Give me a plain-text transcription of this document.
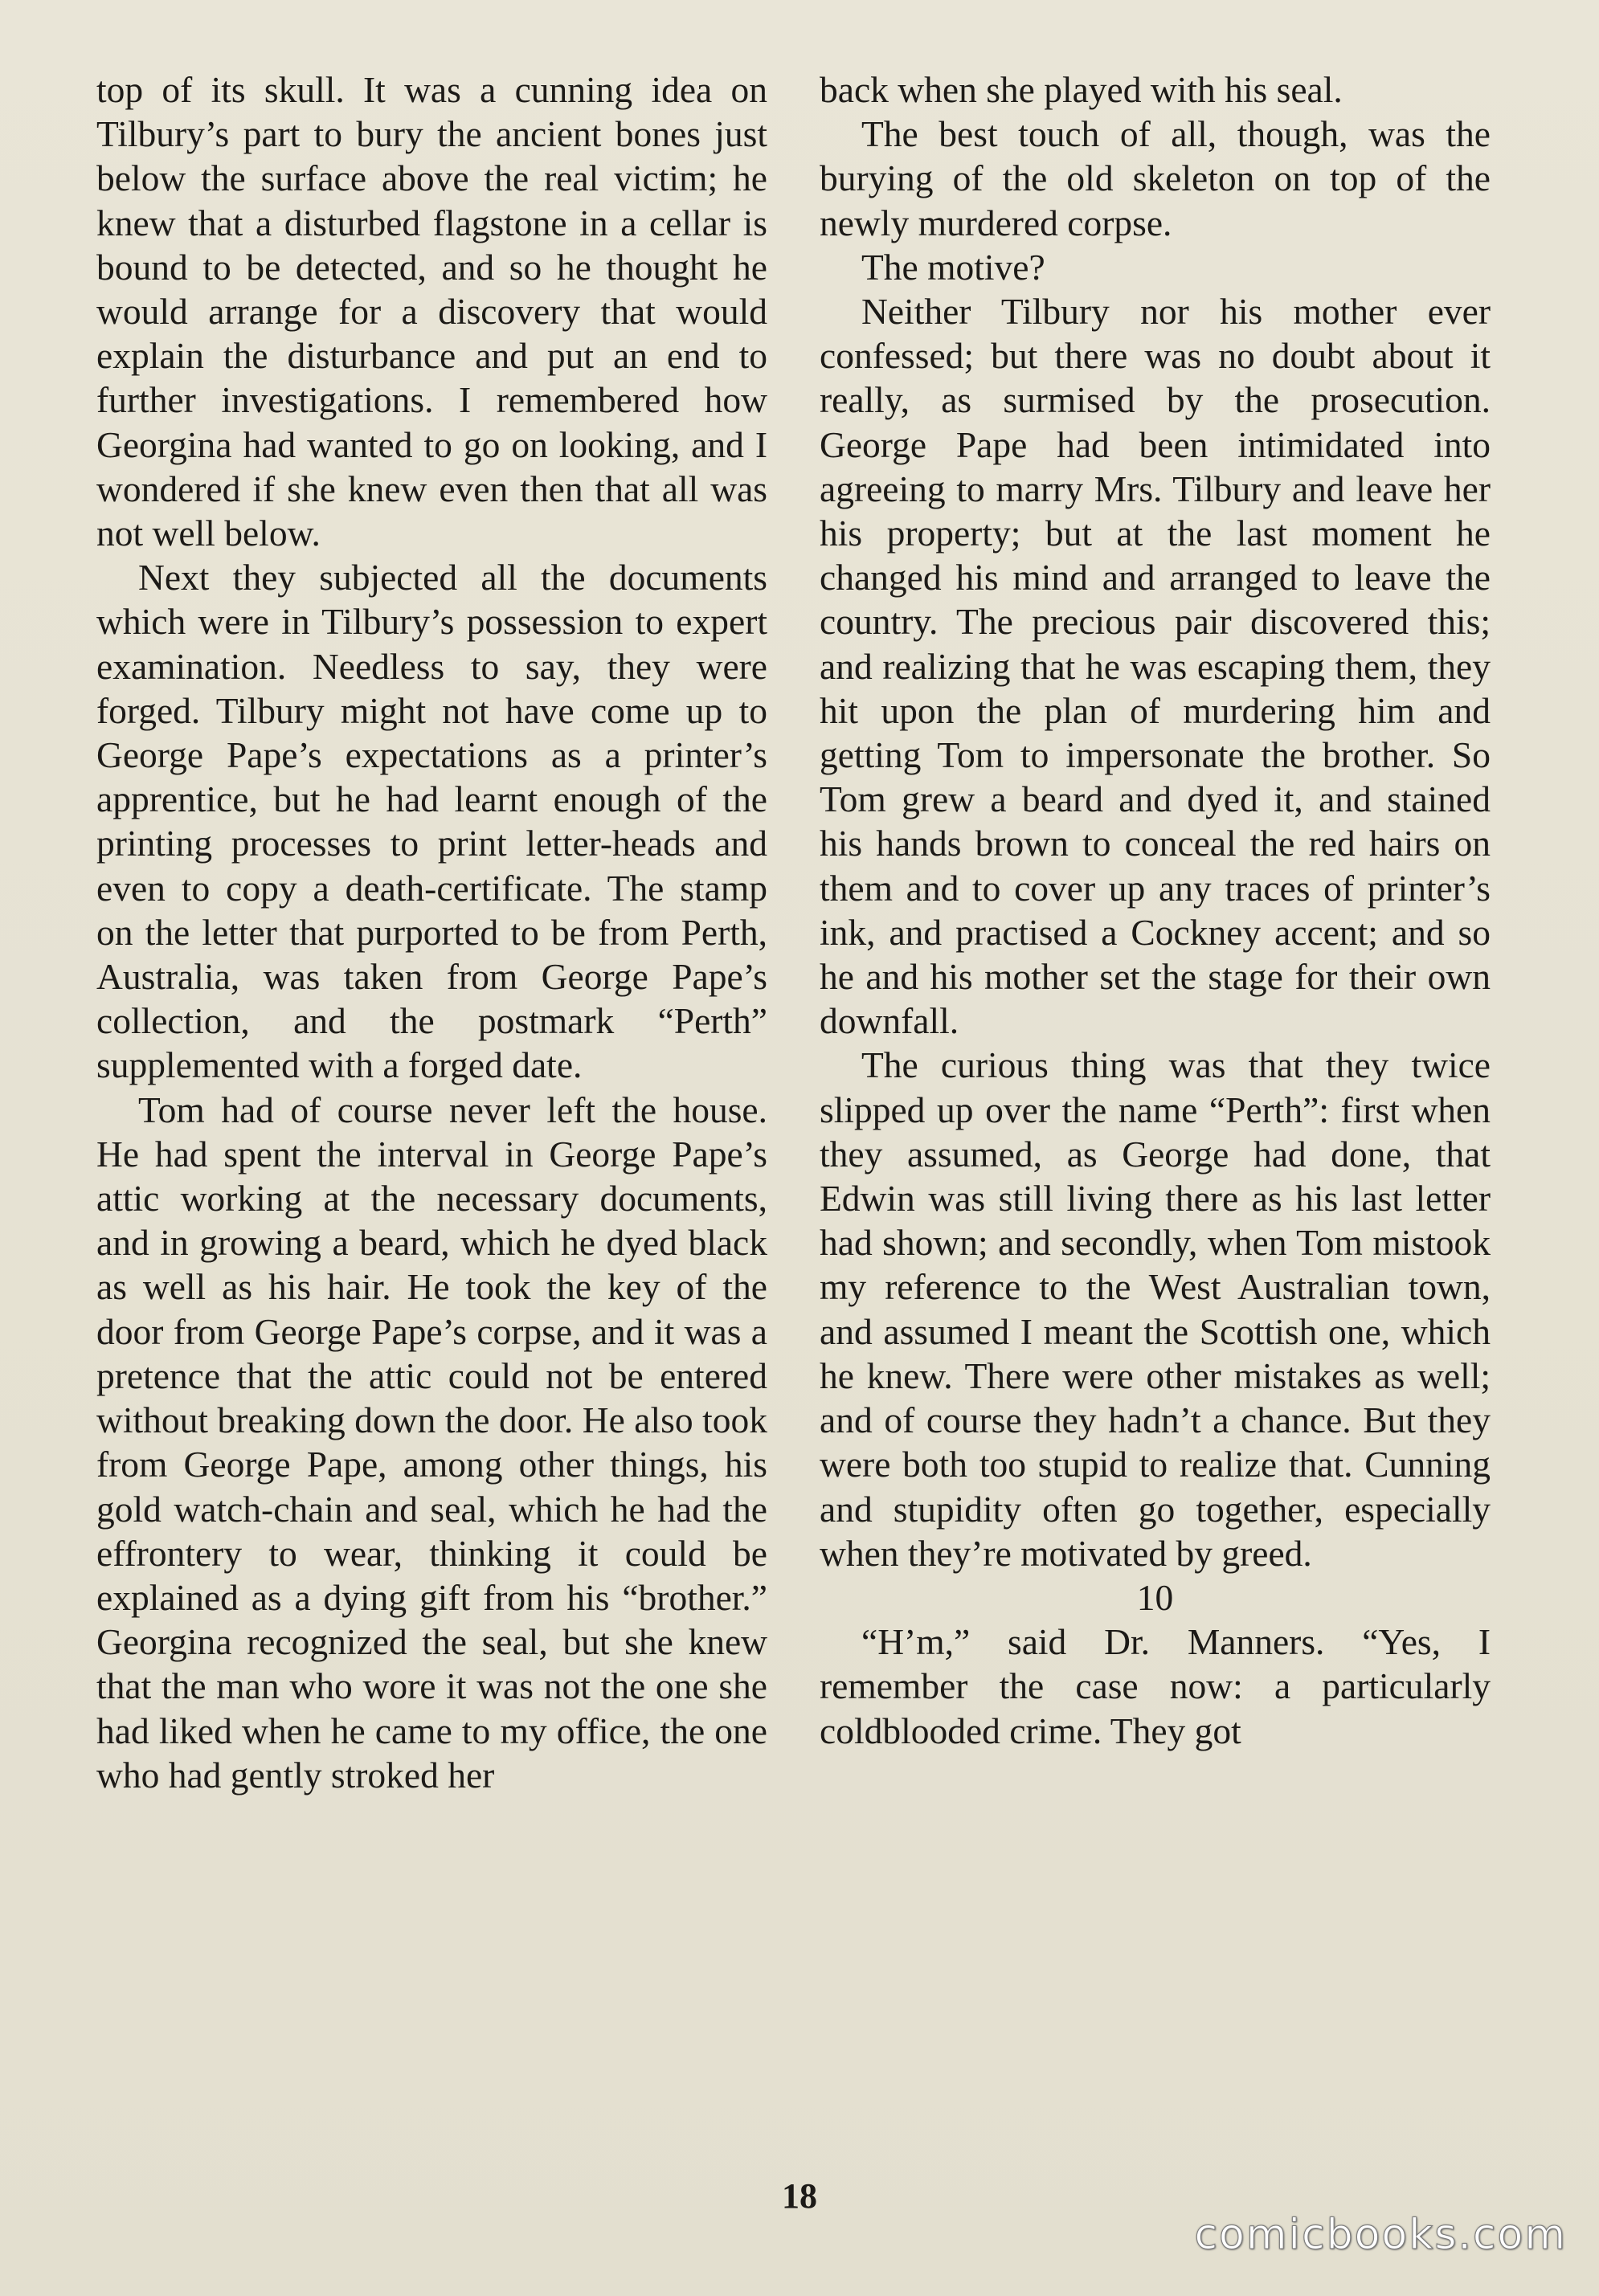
top of its skull. It was a cunning idea on Tilbury’s part to bury the ancient bones just below the surface above the real victim; he knew that a disturbed flagstone in a cellar is bound to be detected, and so he thought he would arrange for a discovery that would explain the disturbance and put an end to further investigations. I remembered how Georgina had wanted to go on looking, and I wondered if she knew even then that all was not well below.

Next they subjected all the documents which were in Tilbury’s possession to expert examination. Needless to say, they were forged. Tilbury might not have come up to George Pape’s expectations as a printer’s apprentice, but he had learnt enough of the printing processes to print letter-heads and even to copy a death-certificate. The stamp on the letter that purported to be from Perth, Australia, was taken from George Pape’s collection, and the postmark “Perth” supplemented with a forged date.

Tom had of course never left the house. He had spent the interval in George Pape’s attic working at the necessary documents, and in growing a beard, which he dyed black as well as his hair. He took the key of the door from George Pape’s corpse, and it was a pretence that the attic could not be entered without breaking down the door. He also took from George Pape, among other things, his gold watch-chain and seal, which he had the effrontery to wear, thinking it could be explained as a dying gift from his “brother.” Georgina recognized the seal, but she knew that the man who wore it was not the one she had liked when he came to my office, the one who had gently stroked her

back when she played with his seal.

The best touch of all, though, was the burying of the old skeleton on top of the newly murdered corpse.

The motive?

Neither Tilbury nor his mother ever confessed; but there was no doubt about it really, as surmised by the prosecution. George Pape had been intimidated into agreeing to marry Mrs. Tilbury and leave her his property; but at the last moment he changed his mind and arranged to leave the country. The precious pair discovered this; and realizing that he was escaping them, they hit upon the plan of murdering him and getting Tom to impersonate the brother. So Tom grew a beard and dyed it, and stained his hands brown to conceal the red hairs on them and to cover up any traces of printer’s ink, and practised a Cockney accent; and so he and his mother set the stage for their own downfall.

The curious thing was that they twice slipped up over the name “Perth”: first when they assumed, as George had done, that Edwin was still living there as his last letter had shown; and secondly, when Tom mistook my reference to the West Australian town, and assumed I meant the Scottish one, which he knew. There were other mistakes as well; and of course they hadn’t a chance. But they were both too stupid to realize that. Cunning and stupidity often go together, especially when they’re motivated by greed.

10

“H’m,” said Dr. Manners. “Yes, I remember the case now: a particularly coldblooded crime. They got

18
comicbooks.com
